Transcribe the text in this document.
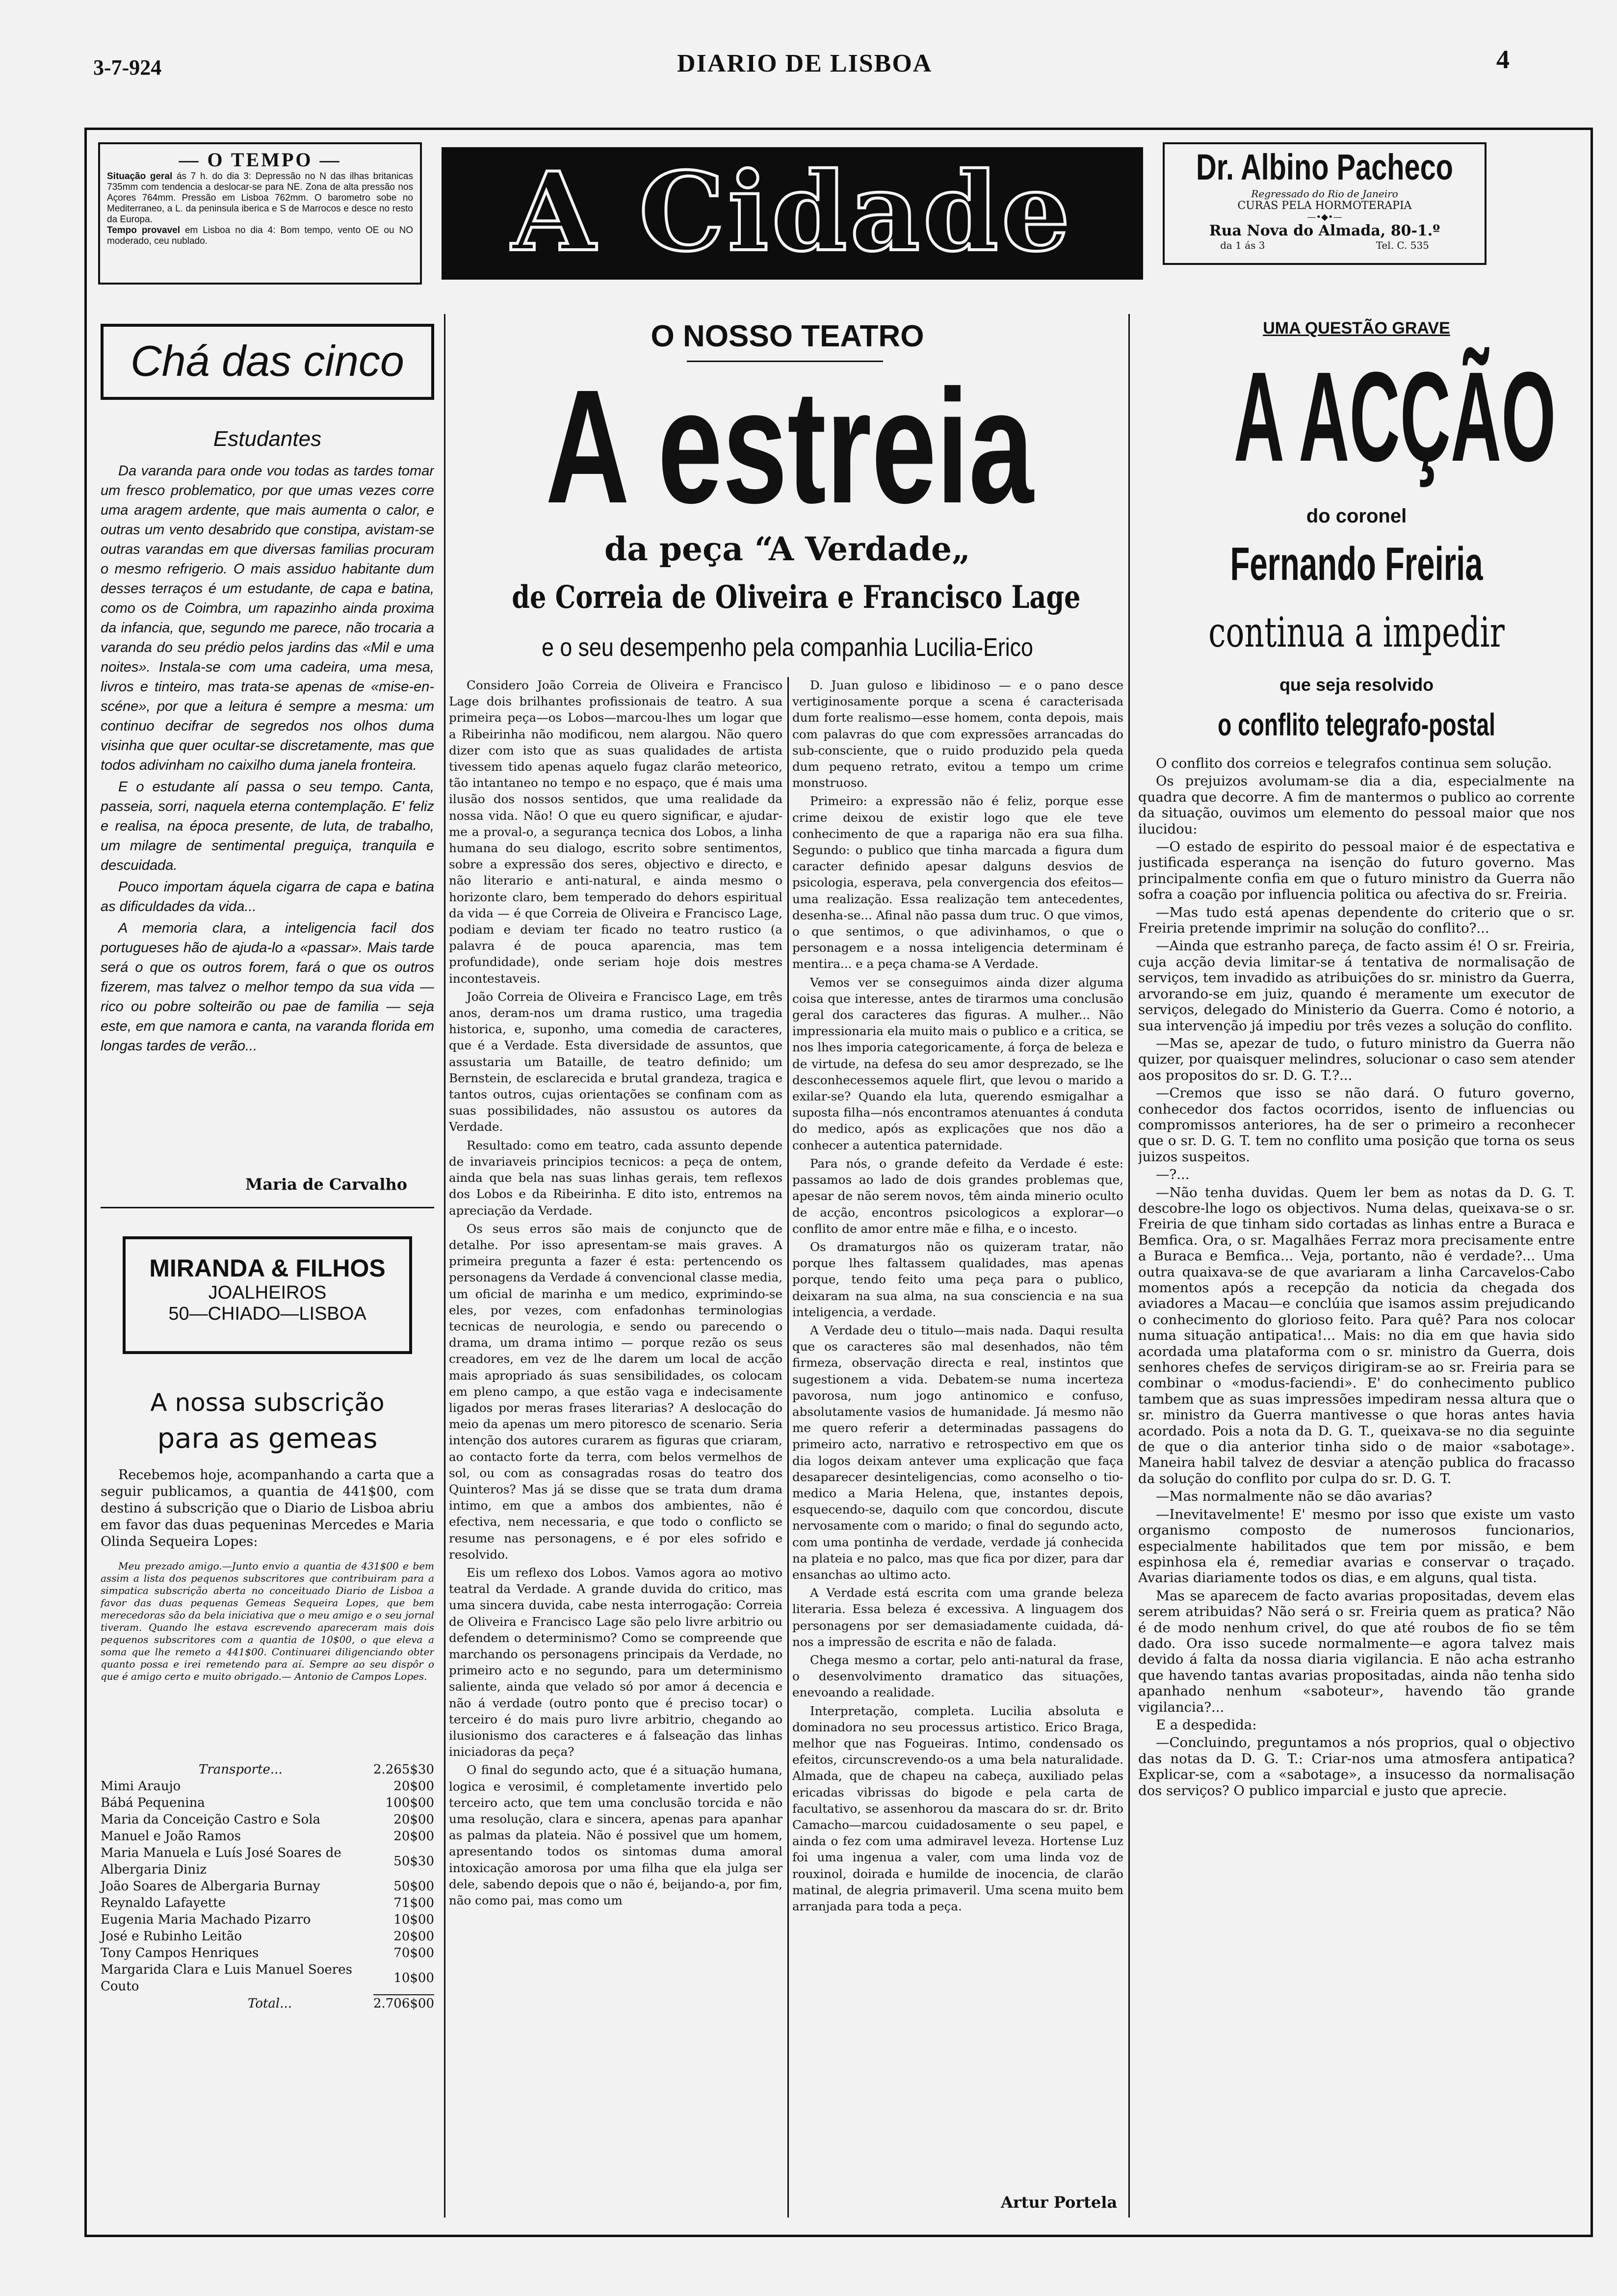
3-7-924	DIARIO DE LISBOA	4
— O TEMPO —
Situação geral ás 7 h. do dia 3: Depressão no N das ilhas britanicas 735mm com tendencia a deslocar-se para NE. Zona de alta pressão nos Açores 764mm. Pressão em Lisboa 762mm. O barometro sobe no Mediterraneo, a L. da peninsula iberica e S de Marrocos e desce no resto da Europa.
Tempo provavel em Lisboa no dia 4: Bom tempo, vento OE ou NO moderado, ceu nublado.	A Cidade	Dr. Albino Pacheco
Regressado do Rio de Janeiro
CURAS PELA HORMOTERAPIA
—•◆•—
Rua Nova do Almada, 80-1.º
da 1 ás 3	Tel. C. 535
Chá das cinco
Estudantes

Da varanda para onde vou todas as tardes tomar um fresco problematico, por que umas vezes corre uma aragem ardente, que mais aumenta o calor, e outras um vento desabrido que constipa, avistam-se outras varandas em que diversas familias procuram o mesmo refrigerio. O mais assiduo habitante dum desses terraços é um estudante, de capa e batina, como os de Coimbra, um rapazinho ainda proxima da infancia, que, segundo me parece, não trocaria a varanda do seu prédio pelos jardins das «Mil e uma noites». Instala-se com uma cadeira, uma mesa, livros e tinteiro, mas trata-se apenas de «mise-en-scéne», por que a leitura é sempre a mesma: um continuo decifrar de segredos nos olhos duma visinha que quer ocultar-se discretamente, mas que todos adivinham no caixilho duma janela fronteira.

E o estudante alí passa o seu tempo. Canta, passeia, sorri, naquela eterna contemplação. E' feliz e realisa, na época presente, de luta, de trabalho, um milagre de sentimental preguiça, tranquila e descuidada.

Pouco importam áquela cigarra de capa e batina as dificuldades da vida...

A memoria clara, a inteligencia facil dos portugueses hão de ajuda-lo a «passar». Mais tarde será o que os outros forem, fará o que os outros fizerem, mas talvez o melhor tempo da sua vida — rico ou pobre solteirão ou pae de familia — seja este, em que namora e canta, na varanda florida em longas tardes de verão...

Maria de Carvalho
MIRANDA & FILHOS
JOALHEIROS
50—CHIADO—LISBOA
A nossa subscrição
para as gemeas

Recebemos hoje, acompanhando a carta que a seguir publicamos, a quantia de 441$00, com destino á subscrição que o Diario de Lisboa abriu em favor das duas pequeninas Mercedes e Maria Olinda Sequeira Lopes:

Meu prezado amigo.—Junto envio a quantia de 431$00 e bem assim a lista dos pequenos subscritores que contribuiram para a simpatica subscrição aberta no conceituado Diario de Lisboa a favor das duas pequenas Gemeas Sequeira Lopes, que bem merecedoras são da bela iniciativa que o meu amigo e o seu jornal tiveram. Quando lhe estava escrevendo apareceram mais dois pequenos subscritores com a quantia de 10$00, o que eleva a soma que lhe remeto a 441$00. Continuarei diligenciando obter quanto possa e irei remetendo para aí. Sempre ao seu dispôr o que é amigo certo e muito obrigado.— Antonio de Campos Lopes.

Transporte...	2.265$30
Mimi Araujo	20$00
Bábá Pequenina	100$00
Maria da Conceição Castro e Sola	20$00
Manuel e João Ramos	20$00
Maria Manuela e Luís José Soares de Albergaria Diniz	50$30
João Soares de Albergaria Burnay	50$00
Reynaldo Lafayette	71$00
Eugenia Maria Machado Pizarro	10$00
José e Rubinho Leitão	20$00
Tony Campos Henriques	70$00
Margarida Clara e Luis Manuel Soeres Couto	10$00
Total...	2.706$00
O NOSSO TEATRO
A estreia
da peça “A Verdade„
de Correia de Oliveira e Francisco Lage
e o seu desempenho pela companhia Lucilia-Erico

Considero João Correia de Oliveira e Francisco Lage dois brilhantes profissionais de teatro. A sua primeira peça—os Lobos—marcou-lhes um logar que a Ribeirinha não modificou, nem alargou. Não quero dizer com isto que as suas qualidades de artista tivessem tido apenas aquelo fugaz clarão meteorico, tão intantaneo no tempo e no espaço, que é mais uma ilusão dos nossos sentidos, que uma realidade da nossa vida. Não! O que eu quero significar, e ajudar-me a proval-o, a segurança tecnica dos Lobos, a linha humana do seu dialogo, escrito sobre sentimentos, sobre a expressão dos seres, objectivo e directo, e não literario e anti-natural, e ainda mesmo o horizonte claro, bem temperado do dehors espiritual da vida — é que Correia de Oliveira e Francisco Lage, podiam e deviam ter ficado no teatro rustico (a palavra é de pouca aparencia, mas tem profundidade), onde seriam hoje dois mestres incontestaveis.

João Correia de Oliveira e Francisco Lage, em três anos, deram-nos um drama rustico, uma tragedia historica, e, suponho, uma comedia de caracteres, que é a Verdade. Esta diversidade de assuntos, que assustaria um Bataille, de teatro definido; um Bernstein, de esclarecida e brutal grandeza, tragica e tantos outros, cujas orientações se confinam com as suas possibilidades, não assustou os autores da Verdade.

Resultado: como em teatro, cada assunto depende de invariaveis principios tecnicos: a peça de ontem, ainda que bela nas suas linhas gerais, tem reflexos dos Lobos e da Ribeirinha. E dito isto, entremos na apreciação da Verdade.

Os seus erros são mais de conjuncto que de detalhe. Por isso apresentam-se mais graves. A primeira pregunta a fazer é esta: pertencendo os personagens da Verdade á convencional classe media, um oficial de marinha e um medico, exprimindo-se eles, por vezes, com enfadonhas terminologias tecnicas de neurologia, e sendo ou parecendo o drama, um drama intimo — porque rezão os seus creadores, em vez de lhe darem um local de acção mais apropriado ás suas sensibilidades, os colocam em pleno campo, a que estão vaga e indecisamente ligados por meras frases literarias? A deslocação do meio da apenas um mero pitoresco de scenario. Seria intenção dos autores curarem as figuras que criaram, ao contacto forte da terra, com belos vermelhos de sol, ou com as consagradas rosas do teatro dos Quinteros? Mas já se disse que se trata dum drama intimo, em que a ambos dos ambientes, não é efectiva, nem necessaria, e que todo o conflicto se resume nas personagens, e é por eles sofrido e resolvido.

Eis um reflexo dos Lobos. Vamos agora ao motivo teatral da Verdade. A grande duvida do critico, mas uma sincera duvida, cabe nesta interrogação: Correia de Oliveira e Francisco Lage são pelo livre arbitrio ou defendem o determinismo? Como se compreende que marchando os personagens principais da Verdade, no primeiro acto e no segundo, para um determinismo saliente, ainda que velado só por amor á decencia e não á verdade (outro ponto que é preciso tocar) o terceiro é do mais puro livre arbitrio, chegando ao ilusionismo dos caracteres e á falseação das linhas iniciadoras da peça?

O final do segundo acto, que é a situação humana, logica e verosimil, é completamente invertido pelo terceiro acto, que tem uma conclusão torcida e não uma resolução, clara e sincera, apenas para apanhar as palmas da plateia. Não é possivel que um homem, apresentando todos os sintomas duma amoral intoxicação amorosa por uma filha que ela julga ser dele, sabendo depois que o não é, beijando-a, por fim, não como pai, mas como um

D. Juan guloso e libidinoso — e o pano desce vertiginosamente porque a scena é caracterisada dum forte realismo—esse homem, conta depois, mais com palavras do que com expressões arrancadas do sub-consciente, que o ruido produzido pela queda dum pequeno retrato, evitou a tempo um crime monstruoso.

Primeiro: a expressão não é feliz, porque esse crime deixou de existir logo que ele teve conhecimento de que a rapariga não era sua filha. Segundo: o publico que tinha marcada a figura dum caracter definido apesar dalguns desvios de psicologia, esperava, pela convergencia dos efeitos—uma realização. Essa realização tem antecedentes, desenha-se... Afinal não passa dum truc. O que vimos, o que sentimos, o que adivinhamos, o que o personagem e a nossa inteligencia determinam é mentira... e a peça chama-se A Verdade.

Vemos ver se conseguimos ainda dizer alguma coisa que interesse, antes de tirarmos uma conclusão geral dos caracteres das figuras. A mulher... Não impressionaria ela muito mais o publico e a critica, se nos lhes imporia categoricamente, á força de beleza e de virtude, na defesa do seu amor desprezado, se lhe desconhecessemos aquele flirt, que levou o marido a exilar-se? Quando ela luta, querendo esmigalhar a suposta filha—nós encontramos atenuantes á conduta do medico, após as explicações que nos dão a conhecer a autentica paternidade.

Para nós, o grande defeito da Verdade é este: passamos ao lado de dois grandes problemas que, apesar de não serem novos, têm ainda minerio oculto de acção, encontros psicologicos a explorar—o conflito de amor entre mãe e filha, e o incesto.

Os dramaturgos não os quizeram tratar, não porque lhes faltassem qualidades, mas apenas porque, tendo feito uma peça para o publico, deixaram na sua alma, na sua consciencia e na sua inteligencia, a verdade.

A Verdade deu o titulo—mais nada. Daqui resulta que os caracteres são mal desenhados, não têm firmeza, observação directa e real, instintos que sugestionem a vida. Debatem-se numa incerteza pavorosa, num jogo antinomico e confuso, absolutamente vasios de humanidade. Já mesmo não me quero referir a determinadas passagens do primeiro acto, narrativo e retrospectivo em que os dia logos deixam antever uma explicação que faça desaparecer desinteligencias, como aconselho o tio-medico a Maria Helena, que, instantes depois, esquecendo-se, daquilo com que concordou, discute nervosamente com o marido; o final do segundo acto, com uma pontinha de verdade, verdade já conhecida na plateia e no palco, mas que fica por dizer, para dar ensanchas ao ultimo acto.

A Verdade está escrita com uma grande beleza literaria. Essa beleza é excessiva. A linguagem dos personagens por ser demasiadamente cuidada, dá-nos a impressão de escrita e não de falada.

Chega mesmo a cortar, pelo anti-natural da frase, o desenvolvimento dramatico das situações, enevoando a realidade.

Interpretação, completa. Lucilia absoluta e dominadora no seu processus artistico. Erico Braga, melhor que nas Fogueiras. Intimo, condensado os efeitos, circunscrevendo-os a uma bela naturalidade. Almada, que de chapeu na cabeça, auxiliado pelas ericadas vibrissas do bigode e pela carta de facultativo, se assenhorou da mascara do sr. dr. Brito Camacho—marcou cuidadosamente o seu papel, e ainda o fez com uma admiravel leveza. Hortense Luz foi uma ingenua a valer, com uma linda voz de rouxinol, doirada e humilde de inocencia, de clarão matinal, de alegria primaveril. Uma scena muito bem arranjada para toda a peça.

Artur Portela
UMA QUESTÃO GRAVE
A ACÇÃO
do coronel
Fernando Freiria
continua a impedir
que seja resolvido
o conflito telegrafo-postal

O conflito dos correios e telegrafos continua sem solução.

Os prejuizos avolumam-se dia a dia, especialmente na quadra que decorre. A fim de mantermos o publico ao corrente da situação, ouvimos um elemento do pessoal maior que nos ilucidou:

—O estado de espirito do pessoal maior é de espectativa e justificada esperança na isenção do futuro governo. Mas principalmente confia em que o futuro ministro da Guerra não sofra a coação por influencia politica ou afectiva do sr. Freiria.

—Mas tudo está apenas dependente do criterio que o sr. Freiria pretende imprimir na solução do conflito?...

—Ainda que estranho pareça, de facto assim é! O sr. Freiria, cuja acção devia limitar-se á tentativa de normalisação de serviços, tem invadido as atribuições do sr. ministro da Guerra, arvorando-se em juiz, quando é meramente um executor de serviços, delegado do Ministerio da Guerra. Como é notorio, a sua intervenção já impediu por três vezes a solução do conflito.

—Mas se, apezar de tudo, o futuro ministro da Guerra não quizer, por quaisquer melindres, solucionar o caso sem atender aos propositos do sr. D. G. T.?...

—Cremos que isso se não dará. O futuro governo, conhecedor dos factos ocorridos, isento de influencias ou compromissos anteriores, ha de ser o primeiro a reconhecer que o sr. D. G. T. tem no conflito uma posição que torna os seus juizos suspeitos.

—?...

—Não tenha duvidas. Quem ler bem as notas da D. G. T. descobre-lhe logo os objectivos. Numa delas, queixava-se o sr. Freiria de que tinham sido cortadas as linhas entre a Buraca e Bemfica. Ora, o sr. Magalhães Ferraz mora precisamente entre a Buraca e Bemfica... Veja, portanto, não é verdade?... Uma outra quaixava-se de que avariaram a linha Carcavelos-Cabo momentos após a recepção da noticia da chegada dos aviadores a Macau—e conclúia que isamos assim prejudicando o conhecimento do glorioso feito. Para quê? Para nos colocar numa situação antipatica!... Mais: no dia em que havia sido acordada uma plataforma com o sr. ministro da Guerra, dois senhores chefes de serviços dirigiram-se ao sr. Freiria para se combinar o «modus-faciendi». E' do conhecimento publico tambem que as suas impressões impediram nessa altura que o sr. ministro da Guerra mantivesse o que horas antes havia acordado. Pois a nota da D. G. T., queixava-se no dia seguinte de que o dia anterior tinha sido o de maior «sabotage». Maneira habil talvez de desviar a atenção publica do fracasso da solução do conflito por culpa do sr. D. G. T.

—Mas normalmente não se dão avarias?

—Inevitavelmente! E' mesmo por isso que existe um vasto organismo composto de numerosos funcionarios, especialmente habilitados que tem por missão, e bem espinhosa ela é, remediar avarias e conservar o traçado. Avarias diariamente todos os dias, e em alguns, qual tista.

Mas se aparecem de facto avarias propositadas, devem elas serem atribuidas? Não será o sr. Freiria quem as pratica? Não é de modo nenhum crivel, do que até roubos de fio se têm dado. Ora isso sucede normalmente—e agora talvez mais devido á falta da nossa diaria vigilancia. E não acha estranho que havendo tantas avarias propositadas, ainda não tenha sido apanhado nenhum «saboteur», havendo tão grande vigilancia?...

E a despedida:

—Concluindo, preguntamos a nós proprios, qual o objectivo das notas da D. G. T.: Criar-nos uma atmosfera antipatica? Explicar-se, com a «sabotage», a insucesso da normalisação dos serviços? O publico imparcial e justo que aprecie.
